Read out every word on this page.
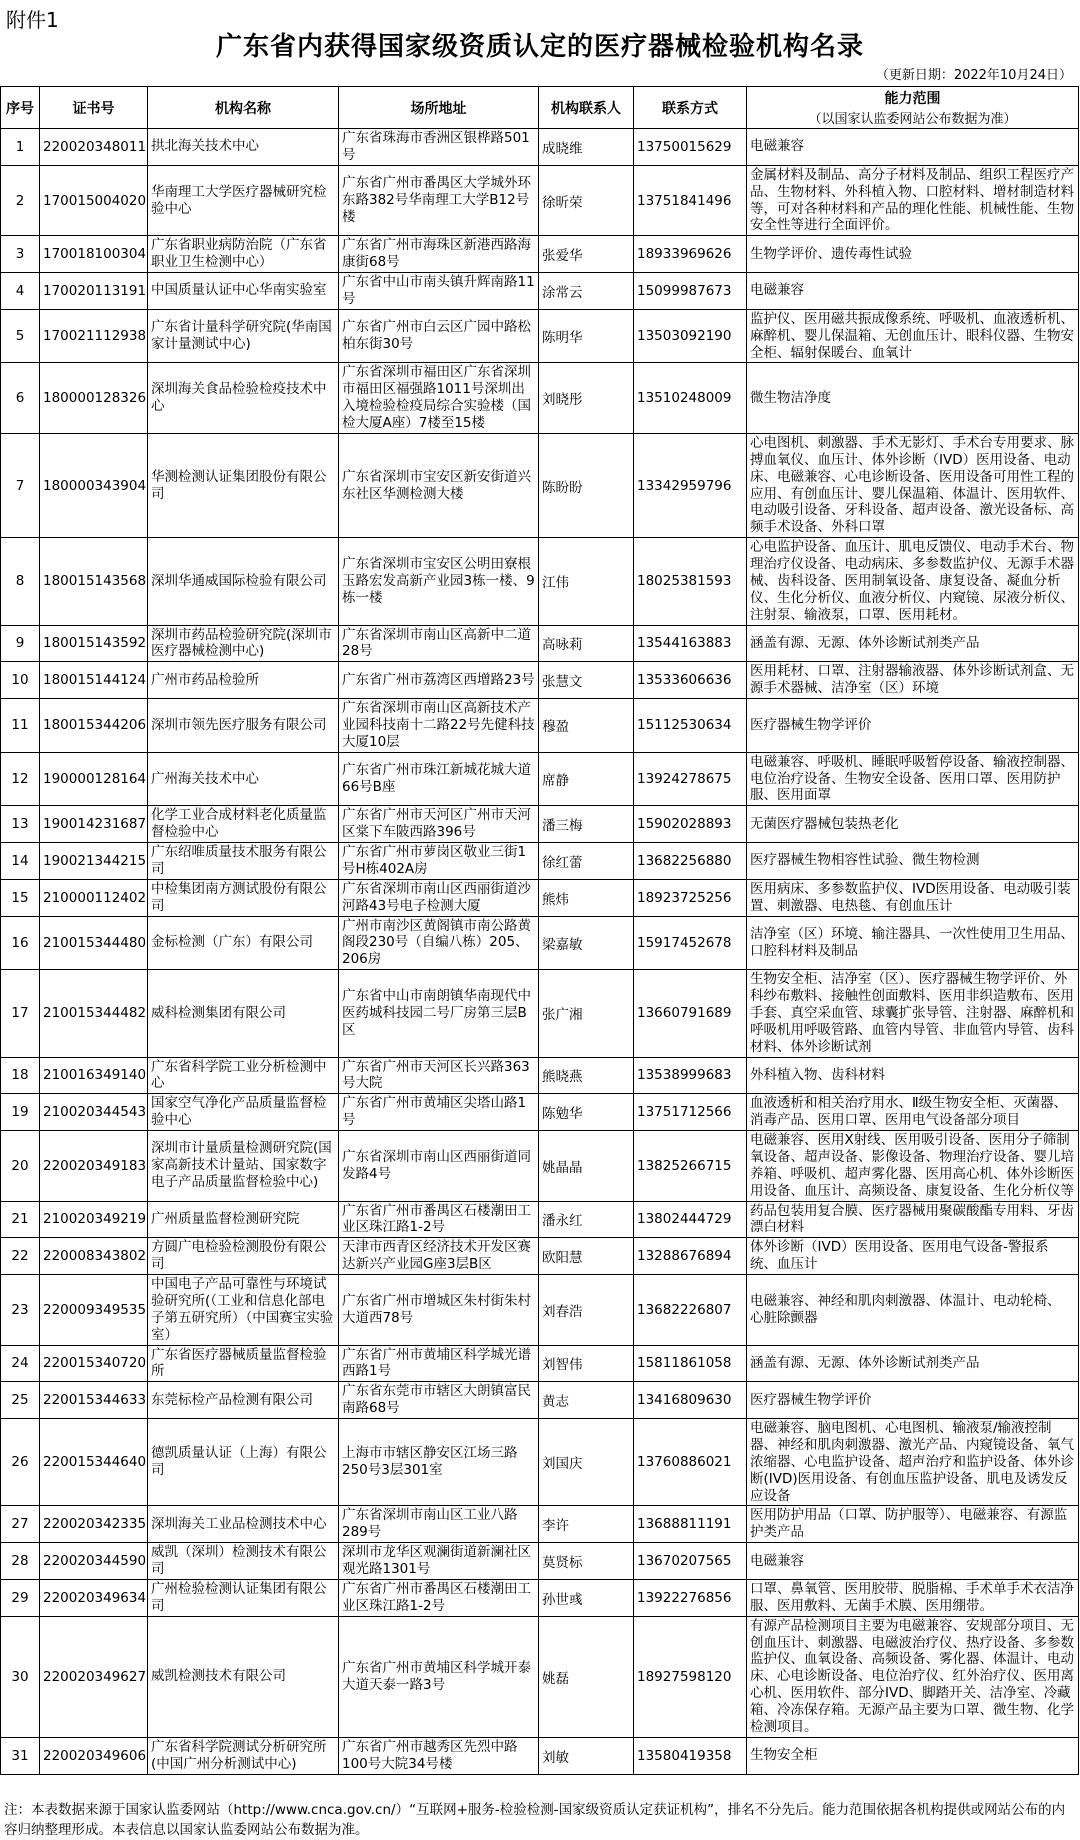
附件1
广东省内获得国家级资质认定的医疗器械检验机构名录
（更新日期：2022年10月24日）
序号	证书号	机构名称	场所地址	机构联系人	联系方式	能力范围
（以国家认监委网站公布数据为准）

1	220020348011	拱北海关技术中心	广东省珠海市香洲区银桦路501号	成晓维	13750015629	电磁兼容
2	170015004020	华南理工大学医疗器械研究检验中心	广东省广州市番禺区大学城外环东路382号华南理工大学B12号楼	徐昕荣	13751841496	金属材料及制品、高分子材料及制品、组织工程医疗产品、生物材料、外科植入物、口腔材料、增材制造材料等，可对各种材料和产品的理化性能、机械性能、生物安全性等进行全面评价。
3	170018100304	广东省职业病防治院（广东省职业卫生检测中心）	广东省广州市海珠区新港西路海康街68号	张爱华	18933969626	生物学评价、遗传毒性试验
4	170020113191	中国质量认证中心华南实验室	广东省中山市南头镇升辉南路11号	涂常云	15099987673	电磁兼容
5	170021112938	广东省计量科学研究院(华南国家计量测试中心)	广东省广州市白云区广园中路松柏东街30号	陈明华	13503092190	监护仪、医用磁共振成像系统、呼吸机、血液透析机、麻醉机、婴儿保温箱、无创血压计、眼科仪器、生物安全柜、辐射保暖台、血氧计
6	180000128326	深圳海关食品检验检疫技术中心	广东省深圳市福田区广东省深圳市福田区福强路1011号深圳出入境检验检疫局综合实验楼（国检大厦A座）7楼至15楼	刘晓彤	13510248009	微生物洁净度
7	180000343904	华测检测认证集团股份有限公司	广东省深圳市宝安区新安街道兴东社区华测检测大楼	陈盼盼	13342959796	心电图机、刺激器、手术无影灯、手术台专用要求、脉搏血氧仪、血压计、体外诊断（IVD）医用设备、电动床、电磁兼容、心电诊断设备、医用设备可用性工程的应用、有创血压计、婴儿保温箱、体温计、医用软件、电动吸引设备、牙科设备、超声设备、激光设备标、高频手术设备、外科口罩
8	180015143568	深圳华通威国际检验有限公司	广东省深圳市宝安区公明田寮根玉路宏发高新产业园3栋一楼、9栋一楼	江伟	18025381593	心电监护设备、血压计、肌电反馈仪、电动手术台、物理治疗仪设备、电动病床、多参数监护仪、无源手术器械、齿科设备、医用制氧设备、康复设备、凝血分析仪、生化分析仪、血液分析仪、内窥镜、尿液分析仪、注射泵、输液泵，口罩、医用耗材。
9	180015143592	深圳市药品检验研究院(深圳市医疗器械检测中心)	广东省深圳市南山区高新中二道28号	高咏莉	13544163883	涵盖有源、无源、体外诊断试剂类产品
10	180015144124	广州市药品检验所	广东省广州市荔湾区西增路23号	张慧文	13533606636	医用耗材、口罩、注射器输液器、体外诊断试剂盒、无源手术器械、洁净室（区）环境
11	180015344206	深圳市领先医疗服务有限公司	广东省深圳市南山区高新技术产业园科技南十二路22号先健科技大厦10层	穆盈	15112530634	医疗器械生物学评价
12	190000128164	广州海关技术中心	广东省广州市珠江新城花城大道66号B座	席静	13924278675	电磁兼容、呼吸机、睡眠呼吸暂停设备、输液控制器、电位治疗设备、生物安全设备、医用口罩、医用防护服、医用面罩
13	190014231687	化学工业合成材料老化质量监督检验中心	广东省广州市天河区广州市天河区棠下车陂西路396号	潘三梅	15902028893	无菌医疗器械包装热老化
14	190021344215	广东绍唯质量技术服务有限公司	广东省广州市萝岗区敬业三街1号H栋402A房	徐红蕾	13682256880	医疗器械生物相容性试验、微生物检测
15	210000112402	中检集团南方测试股份有限公司	广东省深圳市南山区西丽街道沙河路43号电子检测大厦	熊炜	18923725256	医用病床、多参数监护仪、IVD医用设备、电动吸引装置、刺激器、电热毯、有创血压计
16	210015344480	金标检测（广东）有限公司	广州市南沙区黄阁镇市南公路黄阁段230号（自编八栋）205、206房	梁嘉敏	15917452678	洁净室（区）环境、输注器具、一次性使用卫生用品、口腔科材料及制品
17	210015344482	威科检测集团有限公司	广东省中山市南朗镇华南现代中医药城科技园二号厂房第三层B区	张广湘	13660791689	生物安全柜、洁净室（区）、医疗器械生物学评价、外科纱布敷料、接触性创面敷料、医用非织造敷布、医用手套、真空采血管、球囊扩张导管、注射器、麻醉机和呼吸机用呼吸管路、血管内导管、非血管内导管、齿科材料、体外诊断试剂
18	210016349140	广东省科学院工业分析检测中心	广东省广州市天河区长兴路363号大院	熊晓燕	13538999683	外科植入物、齿科材料
19	210020344543	国家空气净化产品质量监督检验中心	广东省广州市黄埔区尖塔山路1号	陈勉华	13751712566	血液透析和相关治疗用水、Ⅱ级生物安全柜、灭菌器、消毒产品、医用口罩、医用电气设备部分项目
20	220020349183	深圳市计量质量检测研究院(国家高新技术计量站、国家数字电子产品质量监督检验中心)	广东省深圳市南山区西丽街道同发路4号	姚晶晶	13825266715	电磁兼容、医用X射线、医用吸引设备、医用分子筛制氧设备、超声设备、影像设备、物理治疗设备、婴儿培养箱、呼吸机、超声雾化器、医用高心机、体外诊断医用设备、血压计、高频设备、康复设备、生化分析仪等
21	210020349219	广州质量监督检测研究院	广东省广州市番禺区石楼潮田工业区珠江路1-2号	潘永红	13802444729	药品包装用复合膜、医疗器械用聚碳酸酯专用料、牙齿漂白材料
22	220008343802	方圆广电检验检测股份有限公司	天津市西青区经济技术开发区赛达新兴产业园G座3层B区	欧阳慧	13288676894	体外诊断（IVD）医用设备、医用电气设备-警报系统、血压计
23	220009349535	中国电子产品可靠性与环境试验研究所(（工业和信息化部电子第五研究所）（中国赛宝实验室）	广东省广州市增城区朱村街朱村大道西78号	刘春浩	13682226807	电磁兼容、神经和肌肉刺激器、体温计、电动轮椅、 心脏除颤器
24	220015340720	广东省医疗器械质量监督检验所	广东省广州市黄埔区科学城光谱西路1号	刘智伟	15811861058	涵盖有源、无源、体外诊断试剂类产品
25	220015344633	东莞标检产品检测有限公司	广东省东莞市市辖区大朗镇富民南路68号	黄志	13416809630	医疗器械生物学评价
26	220015344640	德凯质量认证（上海）有限公司	上海市市辖区静安区江场三路250号3层301室	刘国庆	13760886021	电磁兼容、脑电图机、心电图机、输液泵/输液控制器、神经和肌肉刺激器、激光产品、内窥镜设备、氧气浓缩器、心电监护设备、超声治疗和监护设备、体外诊断(IVD)医用设备、有创血压监护设备、肌电及诱发反应设备
27	220020342335	深圳海关工业品检测技术中心	广东省深圳市南山区工业八路289号	李许	13688811191	医用防护用品（口罩、防护服等）、电磁兼容、有源监护类产品
28	220020344590	威凯（深圳）检测技术有限公司	深圳市龙华区观澜街道新澜社区观光路1301号	莫贤标	13670207565	电磁兼容
29	220020349634	广州检验检测认证集团有限公司	广东省广州市番禺区石楼潮田工业区珠江路1-2号	孙世彧	13922276856	口罩、鼻氧管、医用胶带、脱脂棉、手术单手术衣洁净服、医用敷料、无菌手术膜、医用绷带。
30	220020349627	威凯检测技术有限公司	广东省广州市黄埔区科学城开泰大道天泰一路3号	姚磊	18927598120	有源产品检测项目主要为电磁兼容、安规部分项目、无创血压计、刺激器、电磁波治疗仪、热疗设备、多参数监护仪、血氧设备、高频设备、雾化器、体温计、电动床、心电诊断设备、电位治疗仪、红外治疗仪、医用离心机、医用软件、部分IVD、脚踏开关、洁净室、冷藏箱、冷冻保存箱。无源产品主要为口罩、微生物、化学检测项目。
31	220020349606	广东省科学院测试分析研究所(中国广州分析测试中心)	广东省广州市越秀区先烈中路100号大院34号楼	刘敏	13580419358	生物安全柜
注：本表数据来源于国家认监委网站（http://www.cnca.gov.cn/）“互联网+服务-检验检测-国家级资质认定获证机构”，排名不分先后。能力范围依据各机构提供或网站公布的内容归纳整理形成。本表信息以国家认监委网站公布数据为准。
